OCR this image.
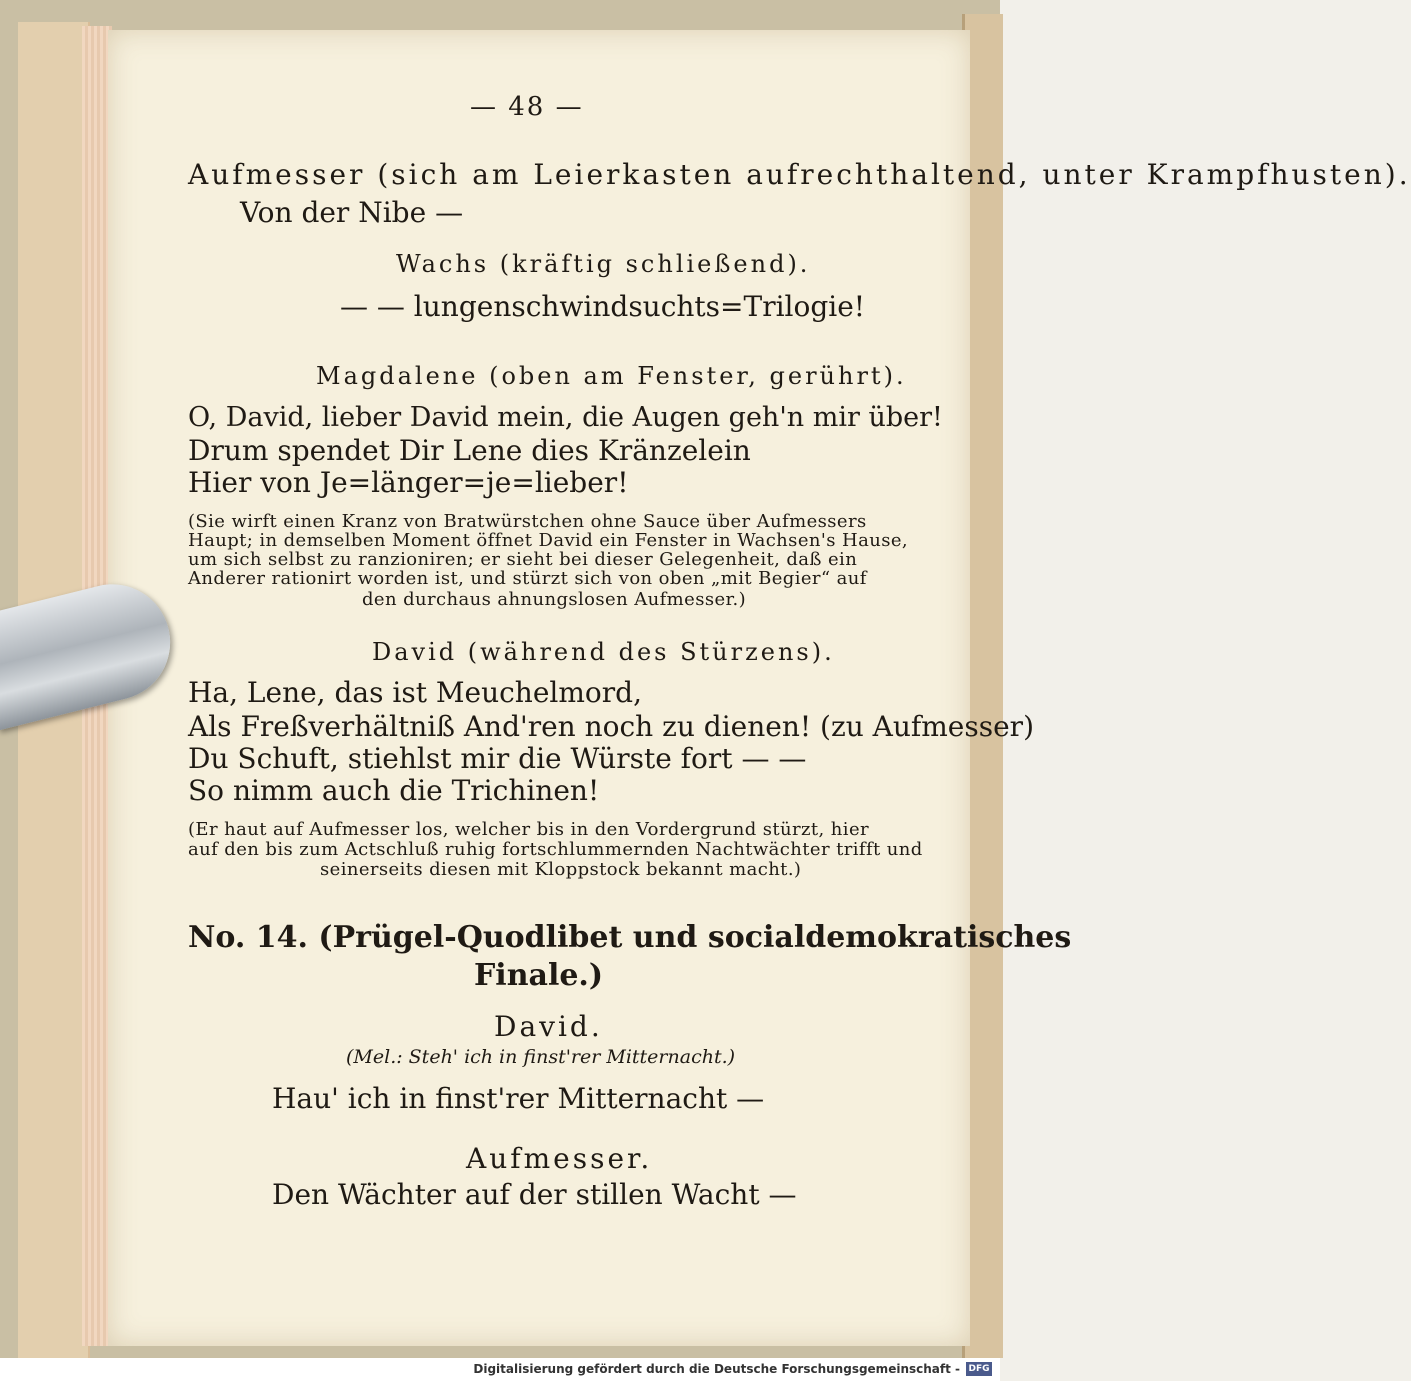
— 48 —
Aufmesser (sich am Leierkasten aufrechthaltend, unter Krampfhusten).
Von der Nibe —
Wachs (kräftig schließend).
— — lungenschwindsuchts=Trilogie!
Magdalene (oben am Fenster, gerührt).
O, David, lieber David mein, die Augen geh'n mir über!
Drum spendet Dir Lene dies Kränzelein
Hier von Je=länger=je=lieber!
(Sie wirft einen Kranz von Bratwürstchen ohne Sauce über Aufmessers
Haupt; in demselben Moment öffnet David ein Fenster in Wachsen's Hause,
um sich selbst zu ranzioniren; er sieht bei dieser Gelegenheit, daß ein
Anderer rationirt worden ist, und stürzt sich von oben „mit Begier“ auf
den durchaus ahnungslosen Aufmesser.)
David (während des Stürzens).
Ha, Lene, das ist Meuchelmord,
Als Freßverhältniß And'ren noch zu dienen! (zu Aufmesser)
Du Schuft, stiehlst mir die Würste fort — —
So nimm auch die Trichinen!
(Er haut auf Aufmesser los, welcher bis in den Vordergrund stürzt, hier
auf den bis zum Actschluß ruhig fortschlummernden Nachtwächter trifft und
seinerseits diesen mit Kloppstock bekannt macht.)
No. 14. (Prügel-Quodlibet und socialdemokratisches
Finale.)
David.
(Mel.: Steh' ich in finst'rer Mitternacht.)
Hau' ich in finst'rer Mitternacht —
Aufmesser.
Den Wächter auf der stillen Wacht —
Digitalisierung gefördert durch die Deutsche Forschungsgemeinschaft - DFG
